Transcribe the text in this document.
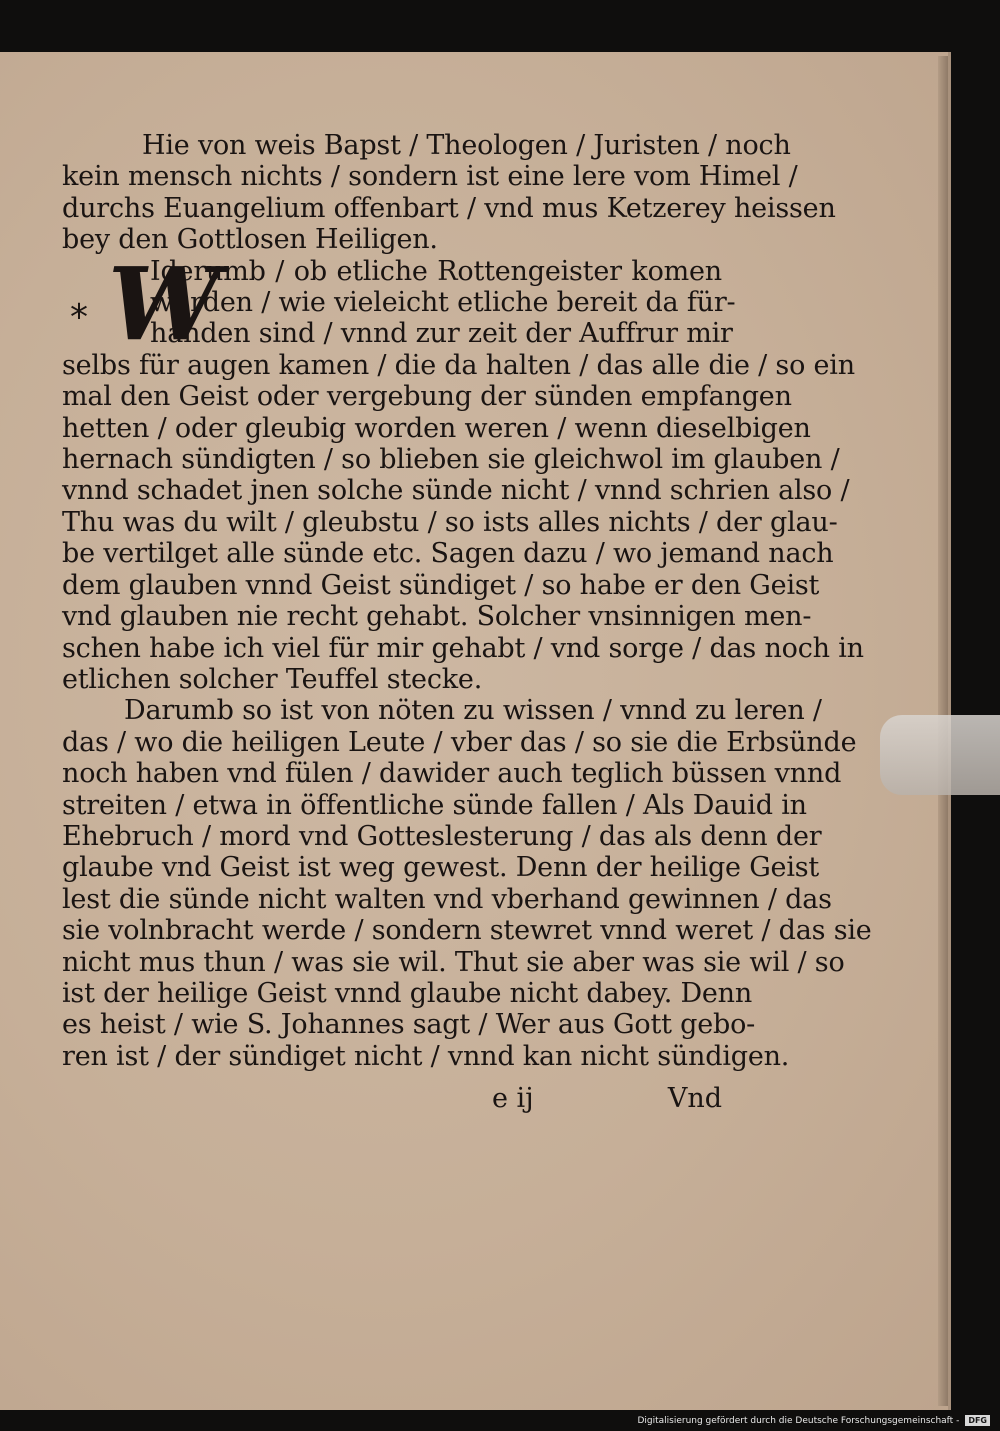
*
Hie von weis Bapst / Theologen / Juristen / noch
kein mensch nichts / sondern ist eine lere vom Himel /
durchs Euangelium offenbart / vnd mus Ketzerey heissen
bey den Gottlosen Heiligen.
W
Iderumb / ob etliche Rottengeister komen
würden / wie vieleicht etliche bereit da für-
handen sind / vnnd zur zeit der Auffrur mir
selbs für augen kamen / die da halten / das alle die / so ein
mal den Geist oder vergebung der sünden empfangen
hetten / oder gleubig worden weren / wenn dieselbigen
hernach sündigten / so blieben sie gleichwol im glauben /
vnnd schadet jnen solche sünde nicht / vnnd schrien also /
Thu was du wilt / gleubstu / so ists alles nichts / der glau-
be vertilget alle sünde etc. Sagen dazu / wo jemand nach
dem glauben vnnd Geist sündiget / so habe er den Geist
vnd glauben nie recht gehabt. Solcher vnsinnigen men-
schen habe ich viel für mir gehabt / vnd sorge / das noch in
etlichen solcher Teuffel stecke.
Darumb so ist von nöten zu wissen / vnnd zu leren /
das / wo die heiligen Leute / vber das / so sie die Erbsünde
noch haben vnd fülen / dawider auch teglich büssen vnnd
streiten / etwa in öffentliche sünde fallen / Als Dauid in
Ehebruch / mord vnd Gotteslesterung / das als denn der
glaube vnd Geist ist weg gewest. Denn der heilige Geist
lest die sünde nicht walten vnd vberhand gewinnen / das
sie volnbracht werde / sondern stewret vnnd weret / das sie
nicht mus thun / was sie wil. Thut sie aber was sie wil / so
ist der heilige Geist vnnd glaube nicht dabey. Denn
es heist / wie S. Johannes sagt / Wer aus Gott gebo-
ren ist / der sündiget nicht / vnnd kan nicht sündigen.
e ij	Vnd
Digitalisierung gefördert durch die Deutsche Forschungsgemeinschaft -	DFG
